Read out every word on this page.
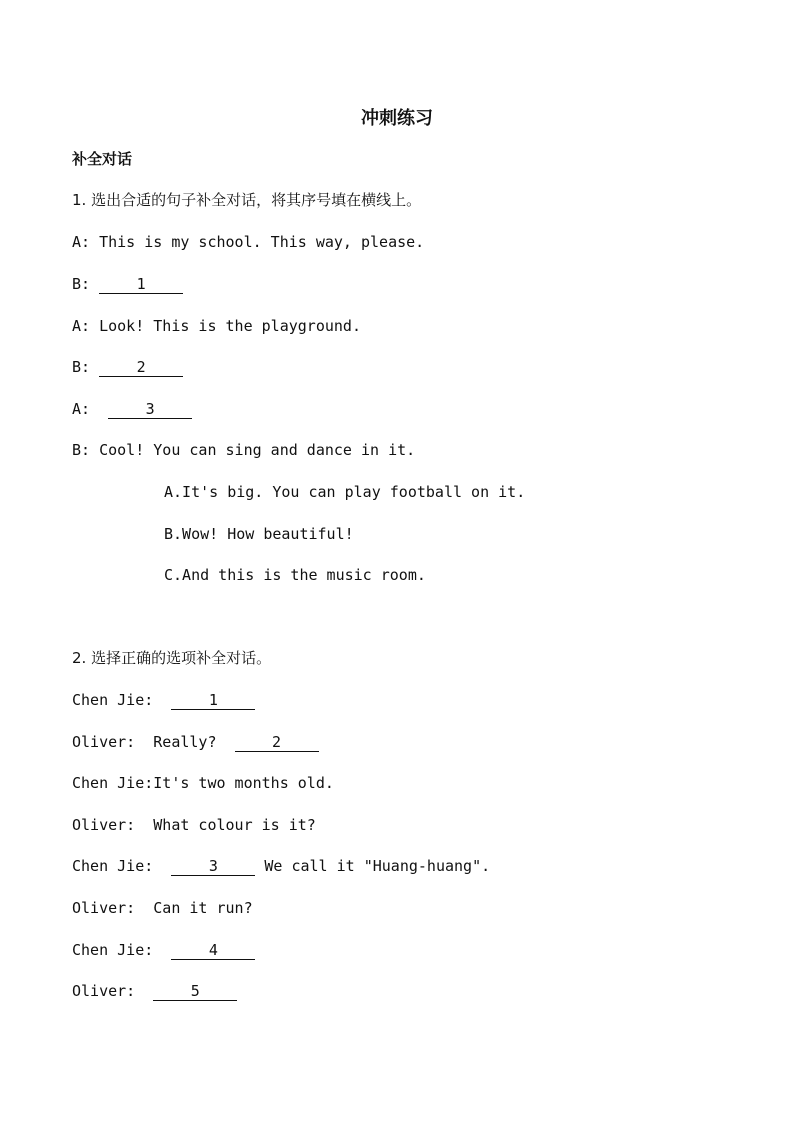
冲刺练习
补全对话
1. 选出合适的句子补全对话，将其序号填在横线上。
A: This is my school. This way, please.
B:	1
A: Look! This is the playground.
B:	2
A:	3
B: Cool! You can sing and dance in it.
A.It's big. You can play football on it.
B.Wow! How beautiful!
C.And this is the music room.
2. 选择正确的选项补全对话。
Chen Jie:	1
Oliver: Really?	2
Chen Jie:It's two months old.
Oliver: What colour is it?
Chen Jie:	3	We call it "Huang-huang".
Oliver: Can it run?
Chen Jie:	4
Oliver:	5
